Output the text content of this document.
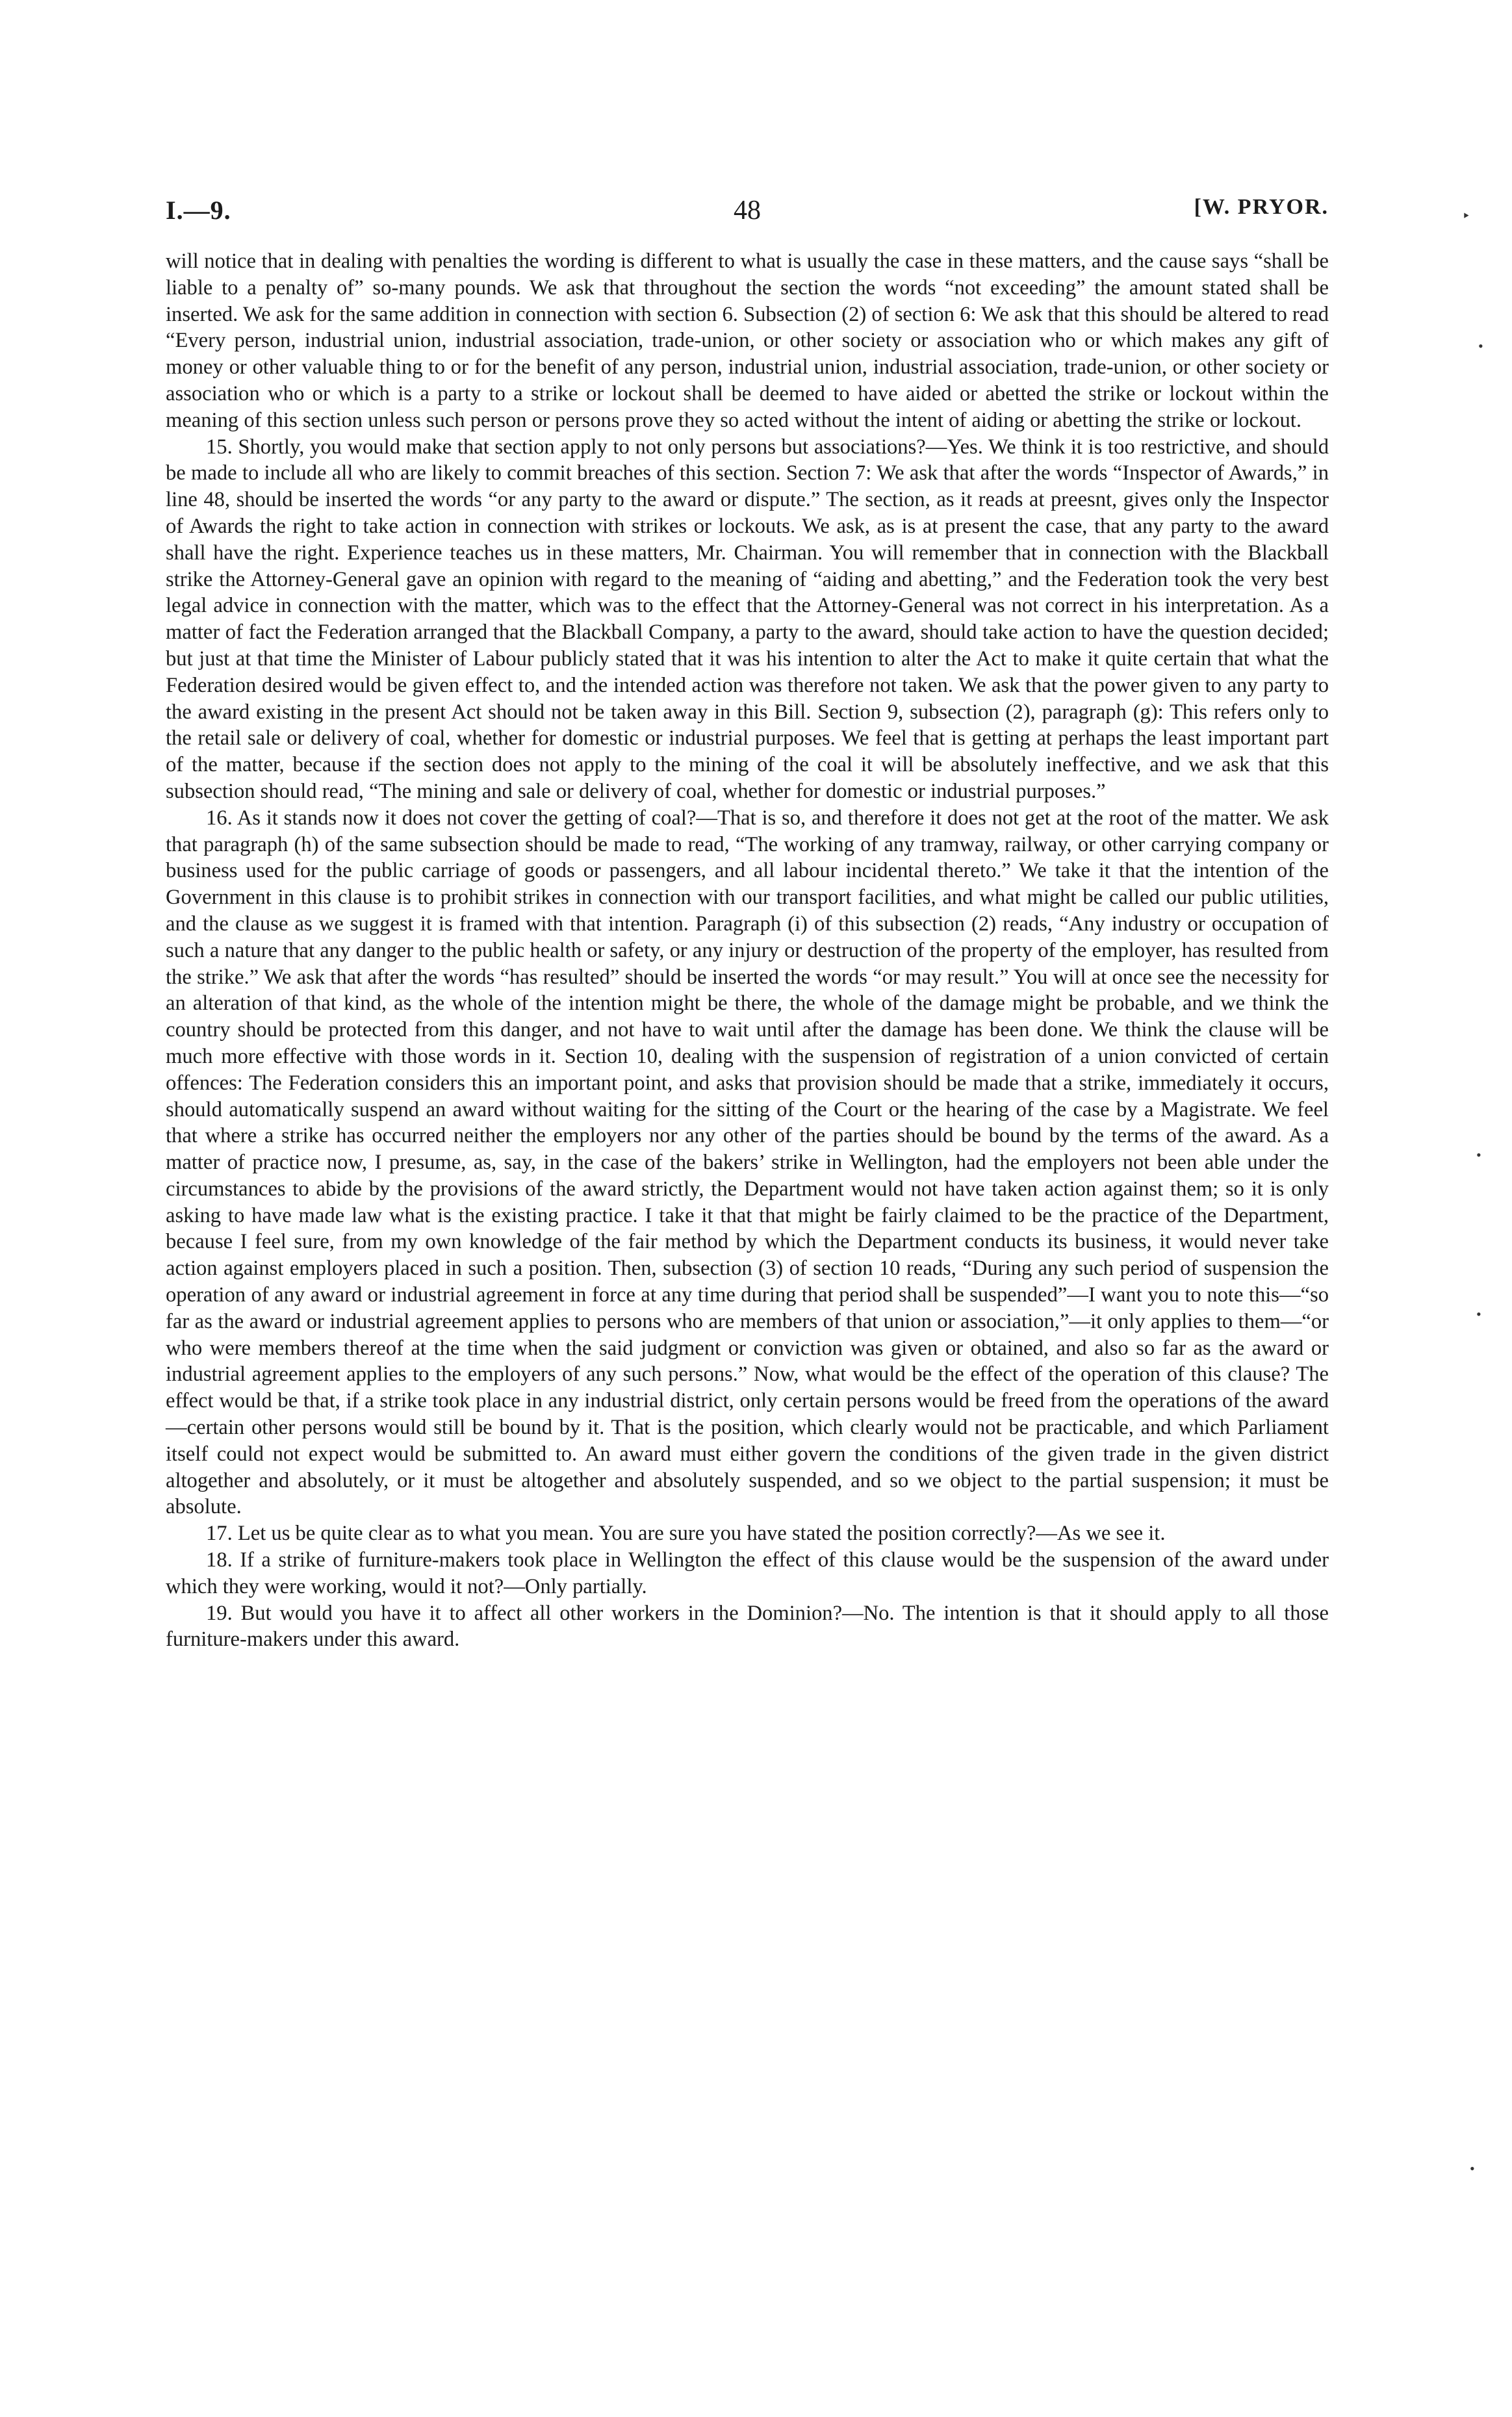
I.—9.	48	[W. PRYOR.

will notice that in dealing with penalties the wording is different to what is usually the case in these matters, and the cause says “shall be liable to a penalty of” so-many pounds. We ask that throughout the section the words “not exceeding” the amount stated shall be inserted. We ask for the same addition in connection with section 6. Subsection (2) of section 6: We ask that this should be altered to read “Every person, industrial union, industrial association, trade-union, or other society or association who or which makes any gift of money or other valuable thing to or for the benefit of any person, industrial union, industrial association, trade-union, or other society or association who or which is a party to a strike or lockout shall be deemed to have aided or abetted the strike or lockout within the meaning of this section unless such person or persons prove they so acted without the intent of aiding or abetting the strike or lockout.

15. Shortly, you would make that section apply to not only persons but associations?—Yes. We think it is too restrictive, and should be made to include all who are likely to commit breaches of this section. Section 7: We ask that after the words “Inspector of Awards,” in line 48, should be inserted the words “or any party to the award or dispute.” The section, as it reads at preesnt, gives only the Inspector of Awards the right to take action in connection with strikes or lockouts. We ask, as is at present the case, that any party to the award shall have the right. Experience teaches us in these matters, Mr. Chairman. You will remember that in connection with the Blackball strike the Attorney-General gave an opinion with regard to the meaning of “aiding and abetting,” and the Federation took the very best legal advice in connection with the matter, which was to the effect that the Attorney-General was not correct in his interpretation. As a matter of fact the Federation arranged that the Blackball Company, a party to the award, should take action to have the question decided; but just at that time the Minister of Labour publicly stated that it was his intention to alter the Act to make it quite certain that what the Federation desired would be given effect to, and the intended action was therefore not taken. We ask that the power given to any party to the award existing in the present Act should not be taken away in this Bill. Section 9, subsection (2), paragraph (g): This refers only to the retail sale or delivery of coal, whether for domestic or industrial purposes. We feel that is getting at perhaps the least important part of the matter, because if the section does not apply to the mining of the coal it will be absolutely ineffective, and we ask that this subsection should read, “The mining and sale or delivery of coal, whether for domestic or industrial purposes.”

16. As it stands now it does not cover the getting of coal?—That is so, and therefore it does not get at the root of the matter. We ask that paragraph (h) of the same subsection should be made to read, “The working of any tramway, railway, or other carrying company or business used for the public carriage of goods or passengers, and all labour incidental thereto.” We take it that the intention of the Government in this clause is to prohibit strikes in connection with our transport facilities, and what might be called our public utilities, and the clause as we suggest it is framed with that intention. Paragraph (i) of this subsection (2) reads, “Any industry or occupation of such a nature that any danger to the public health or safety, or any injury or destruction of the property of the employer, has resulted from the strike.” We ask that after the words “has resulted” should be inserted the words “or may result.” You will at once see the necessity for an alteration of that kind, as the whole of the intention might be there, the whole of the damage might be probable, and we think the country should be protected from this danger, and not have to wait until after the damage has been done. We think the clause will be much more effective with those words in it. Section 10, dealing with the suspension of registration of a union convicted of certain offences: The Federation considers this an important point, and asks that provision should be made that a strike, immediately it occurs, should automatically suspend an award without waiting for the sitting of the Court or the hearing of the case by a Magistrate. We feel that where a strike has occurred neither the employers nor any other of the parties should be bound by the terms of the award. As a matter of practice now, I presume, as, say, in the case of the bakers’ strike in Wellington, had the employers not been able under the circumstances to abide by the provisions of the award strictly, the Department would not have taken action against them; so it is only asking to have made law what is the existing practice. I take it that that might be fairly claimed to be the practice of the Department, because I feel sure, from my own knowledge of the fair method by which the Department conducts its business, it would never take action against employers placed in such a position. Then, subsection (3) of section 10 reads, “During any such period of suspension the operation of any award or industrial agreement in force at any time during that period shall be suspended”—I want you to note this—“so far as the award or industrial agreement applies to persons who are members of that union or association,”—it only applies to them—“or who were members thereof at the time when the said judgment or conviction was given or obtained, and also so far as the award or industrial agreement applies to the employers of any such persons.” Now, what would be the effect of the operation of this clause? The effect would be that, if a strike took place in any industrial district, only certain persons would be freed from the operations of the award—certain other persons would still be bound by it. That is the position, which clearly would not be practicable, and which Parliament itself could not expect would be submitted to. An award must either govern the conditions of the given trade in the given district altogether and absolutely, or it must be altogether and absolutely suspended, and so we object to the partial suspension; it must be absolute.

17. Let us be quite clear as to what you mean. You are sure you have stated the position correctly?—As we see it.

18. If a strike of furniture-makers took place in Wellington the effect of this clause would be the suspension of the award under which they were working, would it not?—Only partially.

19. But would you have it to affect all other workers in the Dominion?—No. The intention is that it should apply to all those furniture-makers under this award.

‣
•
•
•
•
